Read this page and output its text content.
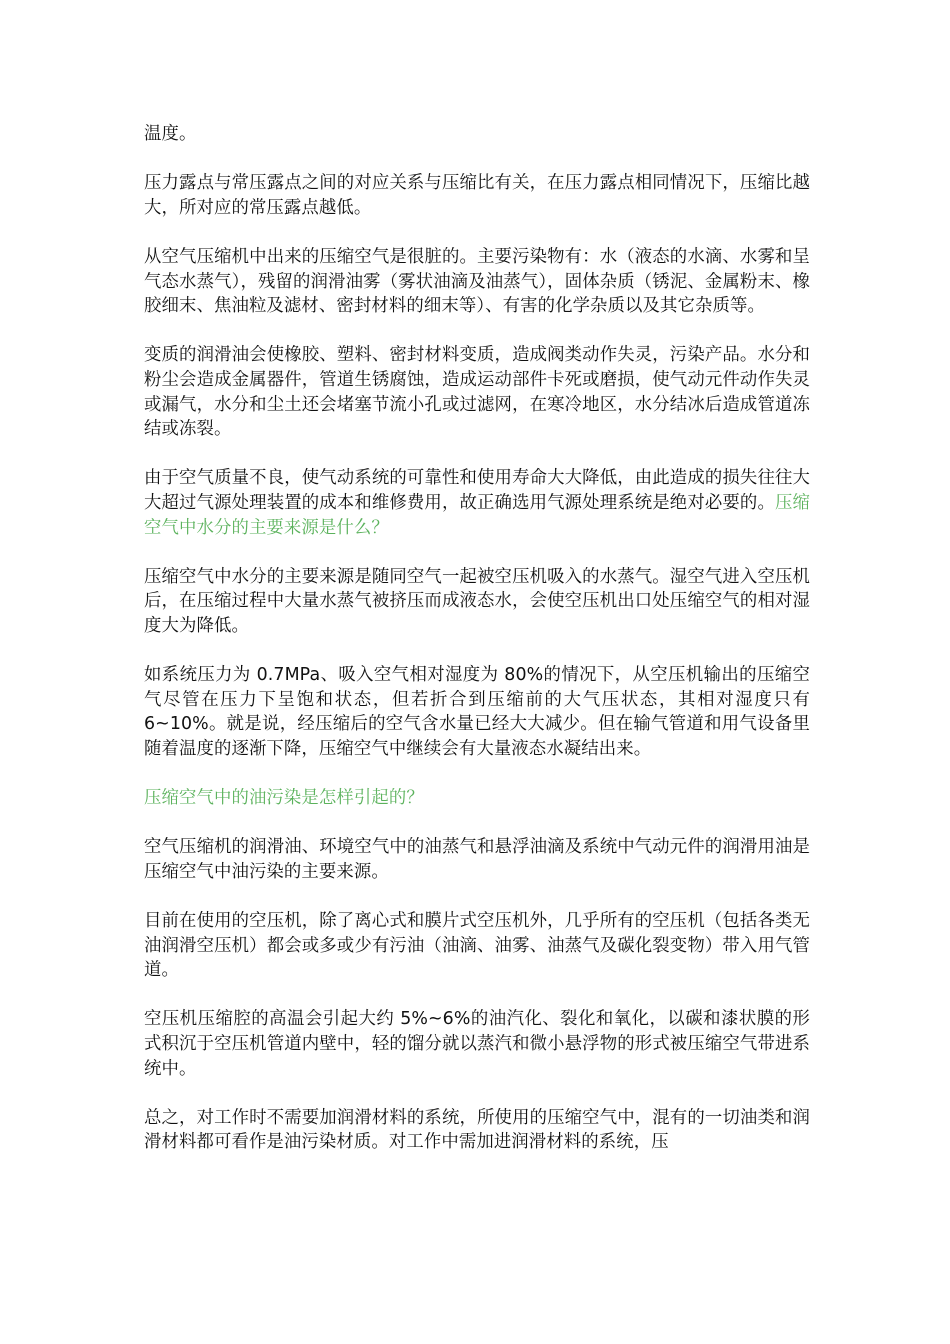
温度。

压力露点与常压露点之间的对应关系与压缩比有关，在压力露点相同情况下，压缩比越大，所对应的常压露点越低。

从空气压缩机中出来的压缩空气是很脏的。主要污染物有：水（液态的水滴、水雾和呈气态水蒸气），残留的润滑油雾（雾状油滴及油蒸气），固体杂质（锈泥、金属粉末、橡胶细末、焦油粒及滤材、密封材料的细末等）、有害的化学杂质以及其它杂质等。

变质的润滑油会使橡胶、塑料、密封材料变质，造成阀类动作失灵，污染产品。水分和粉尘会造成金属器件，管道生锈腐蚀，造成运动部件卡死或磨损，使气动元件动作失灵或漏气，水分和尘土还会堵塞节流小孔或过滤网，在寒冷地区，水分结冰后造成管道冻结或冻裂。

由于空气质量不良，使气动系统的可靠性和使用寿命大大降低，由此造成的损失往往大大超过气源处理装置的成本和维修费用，故正确选用气源处理系统是绝对必要的。压缩空气中水分的主要来源是什么？

压缩空气中水分的主要来源是随同空气一起被空压机吸入的水蒸气。湿空气进入空压机后，在压缩过程中大量水蒸气被挤压而成液态水，会使空压机出口处压缩空气的相对湿度大为降低。

如系统压力为 0.7MPa、吸入空气相对湿度为 80%的情况下，从空压机输出的压缩空气尽管在压力下呈饱和状态，但若折合到压缩前的大气压状态，其相对湿度只有 6~10%。就是说，经压缩后的空气含水量已经大大减少。但在输气管道和用气设备里随着温度的逐渐下降，压缩空气中继续会有大量液态水凝结出来。

压缩空气中的油污染是怎样引起的？

空气压缩机的润滑油、环境空气中的油蒸气和悬浮油滴及系统中气动元件的润滑用油是压缩空气中油污染的主要来源。

目前在使用的空压机，除了离心式和膜片式空压机外，几乎所有的空压机（包括各类无油润滑空压机）都会或多或少有污油（油滴、油雾、油蒸气及碳化裂变物）带入用气管道。

空压机压缩腔的高温会引起大约 5%~6%的油汽化、裂化和氧化，以碳和漆状膜的形式积沉于空压机管道内壁中，轻的馏分就以蒸汽和微小悬浮物的形式被压缩空气带进系统中。

总之，对工作时不需要加润滑材料的系统，所使用的压缩空气中，混有的一切油类和润滑材料都可看作是油污染材质。对工作中需加进润滑材料的系统，压
